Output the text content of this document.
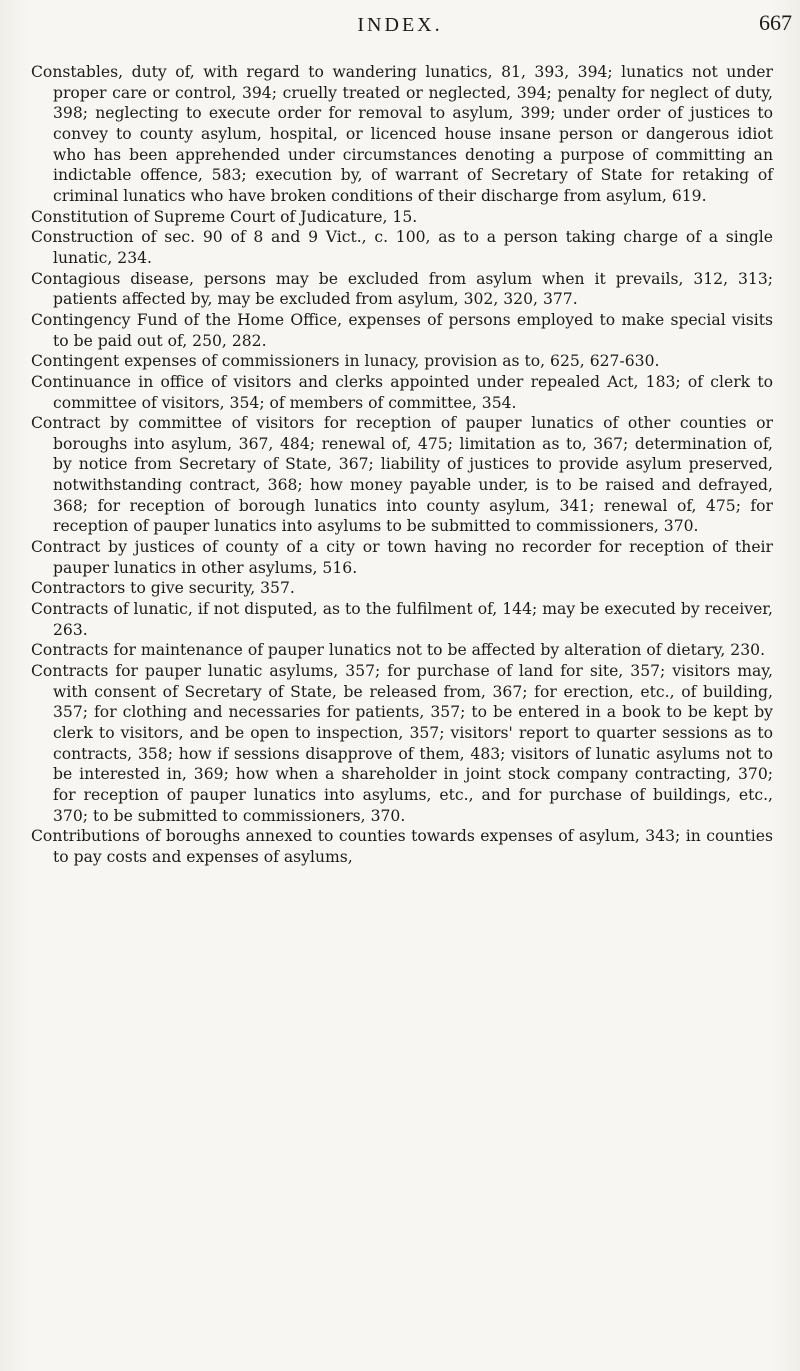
INDEX.	667

Constables, duty of, with regard to wandering lunatics, 81, 393, 394; lunatics not under proper care or control, 394; cruelly treated or neglected, 394; penalty for neglect of duty, 398; neglecting to execute order for removal to asylum, 399; under order of justices to convey to county asylum, hospital, or licenced house insane person or dangerous idiot who has been apprehended under circumstances denoting a purpose of committing an indictable offence, 583; execution by, of warrant of Secretary of State for retaking of criminal lunatics who have broken conditions of their discharge from asylum, 619.

Constitution of Supreme Court of Judicature, 15.

Construction of sec. 90 of 8 and 9 Vict., c. 100, as to a person taking charge of a single lunatic, 234.

Contagious disease, persons may be excluded from asylum when it prevails, 312, 313; patients affected by, may be excluded from asylum, 302, 320, 377.

Contingency Fund of the Home Office, expenses of persons employed to make special visits to be paid out of, 250, 282.

Contingent expenses of commissioners in lunacy, provision as to, 625, 627-630.

Continuance in office of visitors and clerks appointed under repealed Act, 183; of clerk to committee of visitors, 354; of members of committee, 354.

Contract by committee of visitors for reception of pauper lunatics of other counties or boroughs into asylum, 367, 484; renewal of, 475; limitation as to, 367; determination of, by notice from Secretary of State, 367; liability of justices to provide asylum preserved, notwithstanding contract, 368; how money payable under, is to be raised and defrayed, 368; for reception of borough lunatics into county asylum, 341; renewal of, 475; for reception of pauper lunatics into asylums to be submitted to commissioners, 370.

Contract by justices of county of a city or town having no recorder for reception of their pauper lunatics in other asylums, 516.

Contractors to give security, 357.

Contracts of lunatic, if not disputed, as to the fulfilment of, 144; may be executed by receiver, 263.

Contracts for maintenance of pauper lunatics not to be affected by alteration of dietary, 230.

Contracts for pauper lunatic asylums, 357; for purchase of land for site, 357; visitors may, with consent of Secretary of State, be released from, 367; for erection, etc., of building, 357; for clothing and necessaries for patients, 357; to be entered in a book to be kept by clerk to visitors, and be open to inspection, 357; visitors' report to quarter sessions as to contracts, 358; how if sessions disapprove of them, 483; visitors of lunatic asylums not to be interested in, 369; how when a shareholder in joint stock company contracting, 370; for reception of pauper lunatics into asylums, etc., and for purchase of buildings, etc., 370; to be submitted to commissioners, 370.

Contributions of boroughs annexed to counties towards expenses of asylum, 343; in counties to pay costs and expenses of asylums,
